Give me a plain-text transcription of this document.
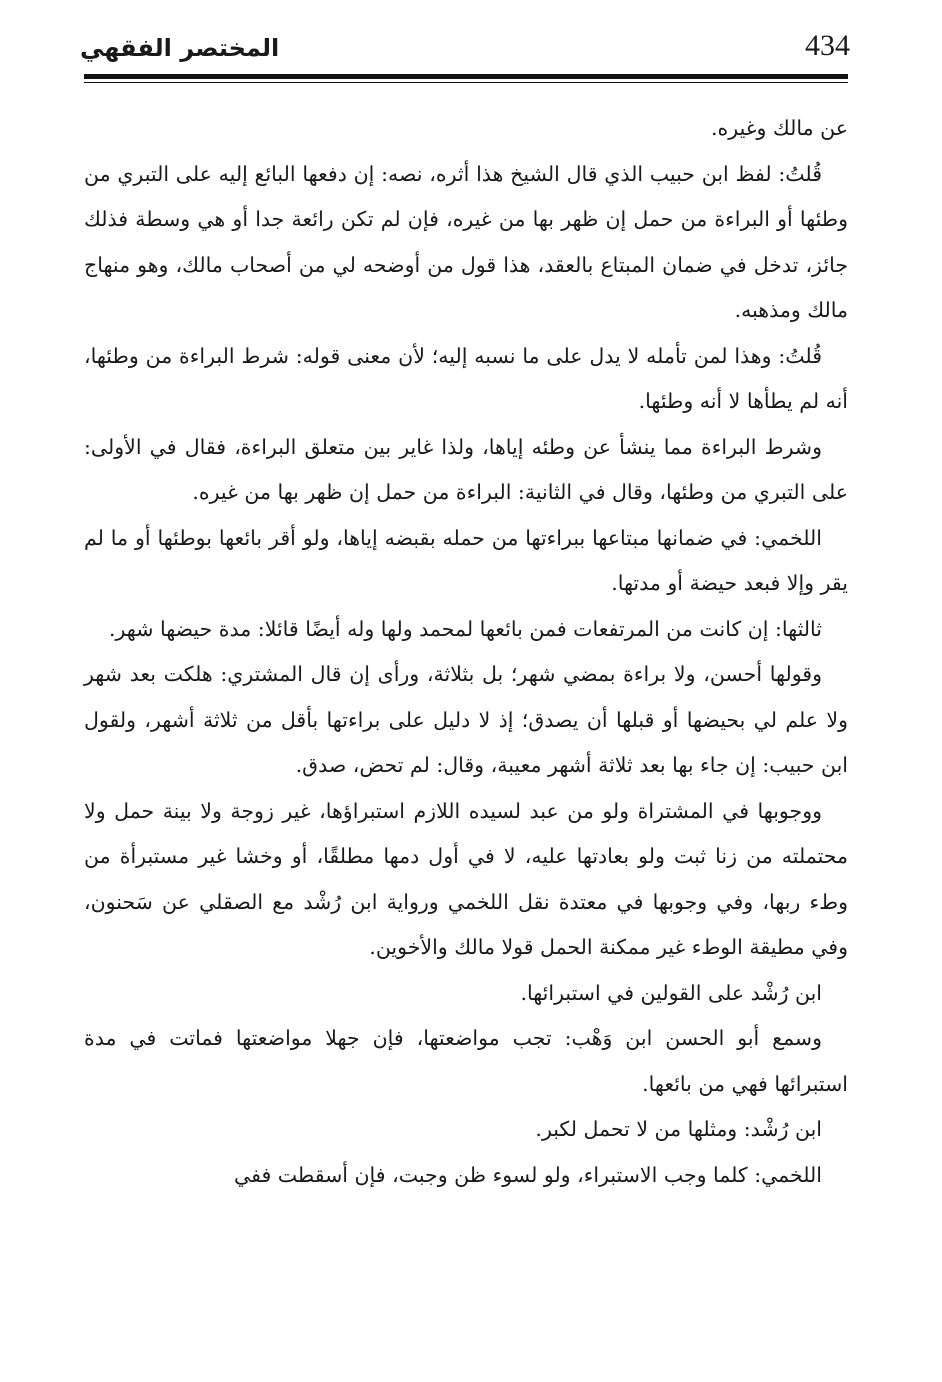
434
المختصر الفقهي

عن مالك وغيره.

قُلتُ: لفظ ابن حبيب الذي قال الشيخ هذا أثره، نصه: إن دفعها البائع إليه على التبري من وطئها أو البراءة من حمل إن ظهر بها من غيره، فإن لم تكن رائعة جدا أو هي وسطة فذلك جائز، تدخل في ضمان المبتاع بالعقد، هذا قول من أوضحه لي من أصحاب مالك، وهو منهاج مالك ومذهبه.

قُلتُ: وهذا لمن تأمله لا يدل على ما نسبه إليه؛ لأن معنى قوله: شرط البراءة من وطئها، أنه لم يطأها لا أنه وطئها.

وشرط البراءة مما ينشأ عن وطئه إياها، ولذا غاير بين متعلق البراءة، فقال في الأولى: على التبري من وطئها، وقال في الثانية: البراءة من حمل إن ظهر بها من غيره.

اللخمي: في ضمانها مبتاعها ببراءتها من حمله بقبضه إياها، ولو أقر بائعها بوطئها أو ما لم يقر وإلا فبعد حيضة أو مدتها.

ثالثها: إن كانت من المرتفعات فمن بائعها لمحمد ولها وله أيضًا قائلا: مدة حيضها شهر.

وقولها أحسن، ولا براءة بمضي شهر؛ بل بثلاثة، ورأى إن قال المشتري: هلكت بعد شهر ولا علم لي بحيضها أو قبلها أن يصدق؛ إذ لا دليل على براءتها بأقل من ثلاثة أشهر، ولقول ابن حبيب: إن جاء بها بعد ثلاثة أشهر معيبة، وقال: لم تحض، صدق.

ووجوبها في المشتراة ولو من عبد لسيده اللازم استبراؤها، غير زوجة ولا بينة حمل ولا محتملته من زنا ثبت ولو بعادتها عليه، لا في أول دمها مطلقًا، أو وخشا غير مستبرأة من وطء ربها، وفي وجوبها في معتدة نقل اللخمي ورواية ابن رُشْد مع الصقلي عن سَحنون، وفي مطيقة الوطء غير ممكنة الحمل قولا مالك والأخوين.

ابن رُشْد على القولين في استبرائها.

وسمع أبو الحسن ابن وَهْب: تجب مواضعتها، فإن جهلا مواضعتها فماتت في مدة استبرائها فهي من بائعها.

ابن رُشْد: ومثلها من لا تحمل لكبر.

اللخمي: كلما وجب الاستبراء، ولو لسوء ظن وجبت، فإن أسقطت ففي
